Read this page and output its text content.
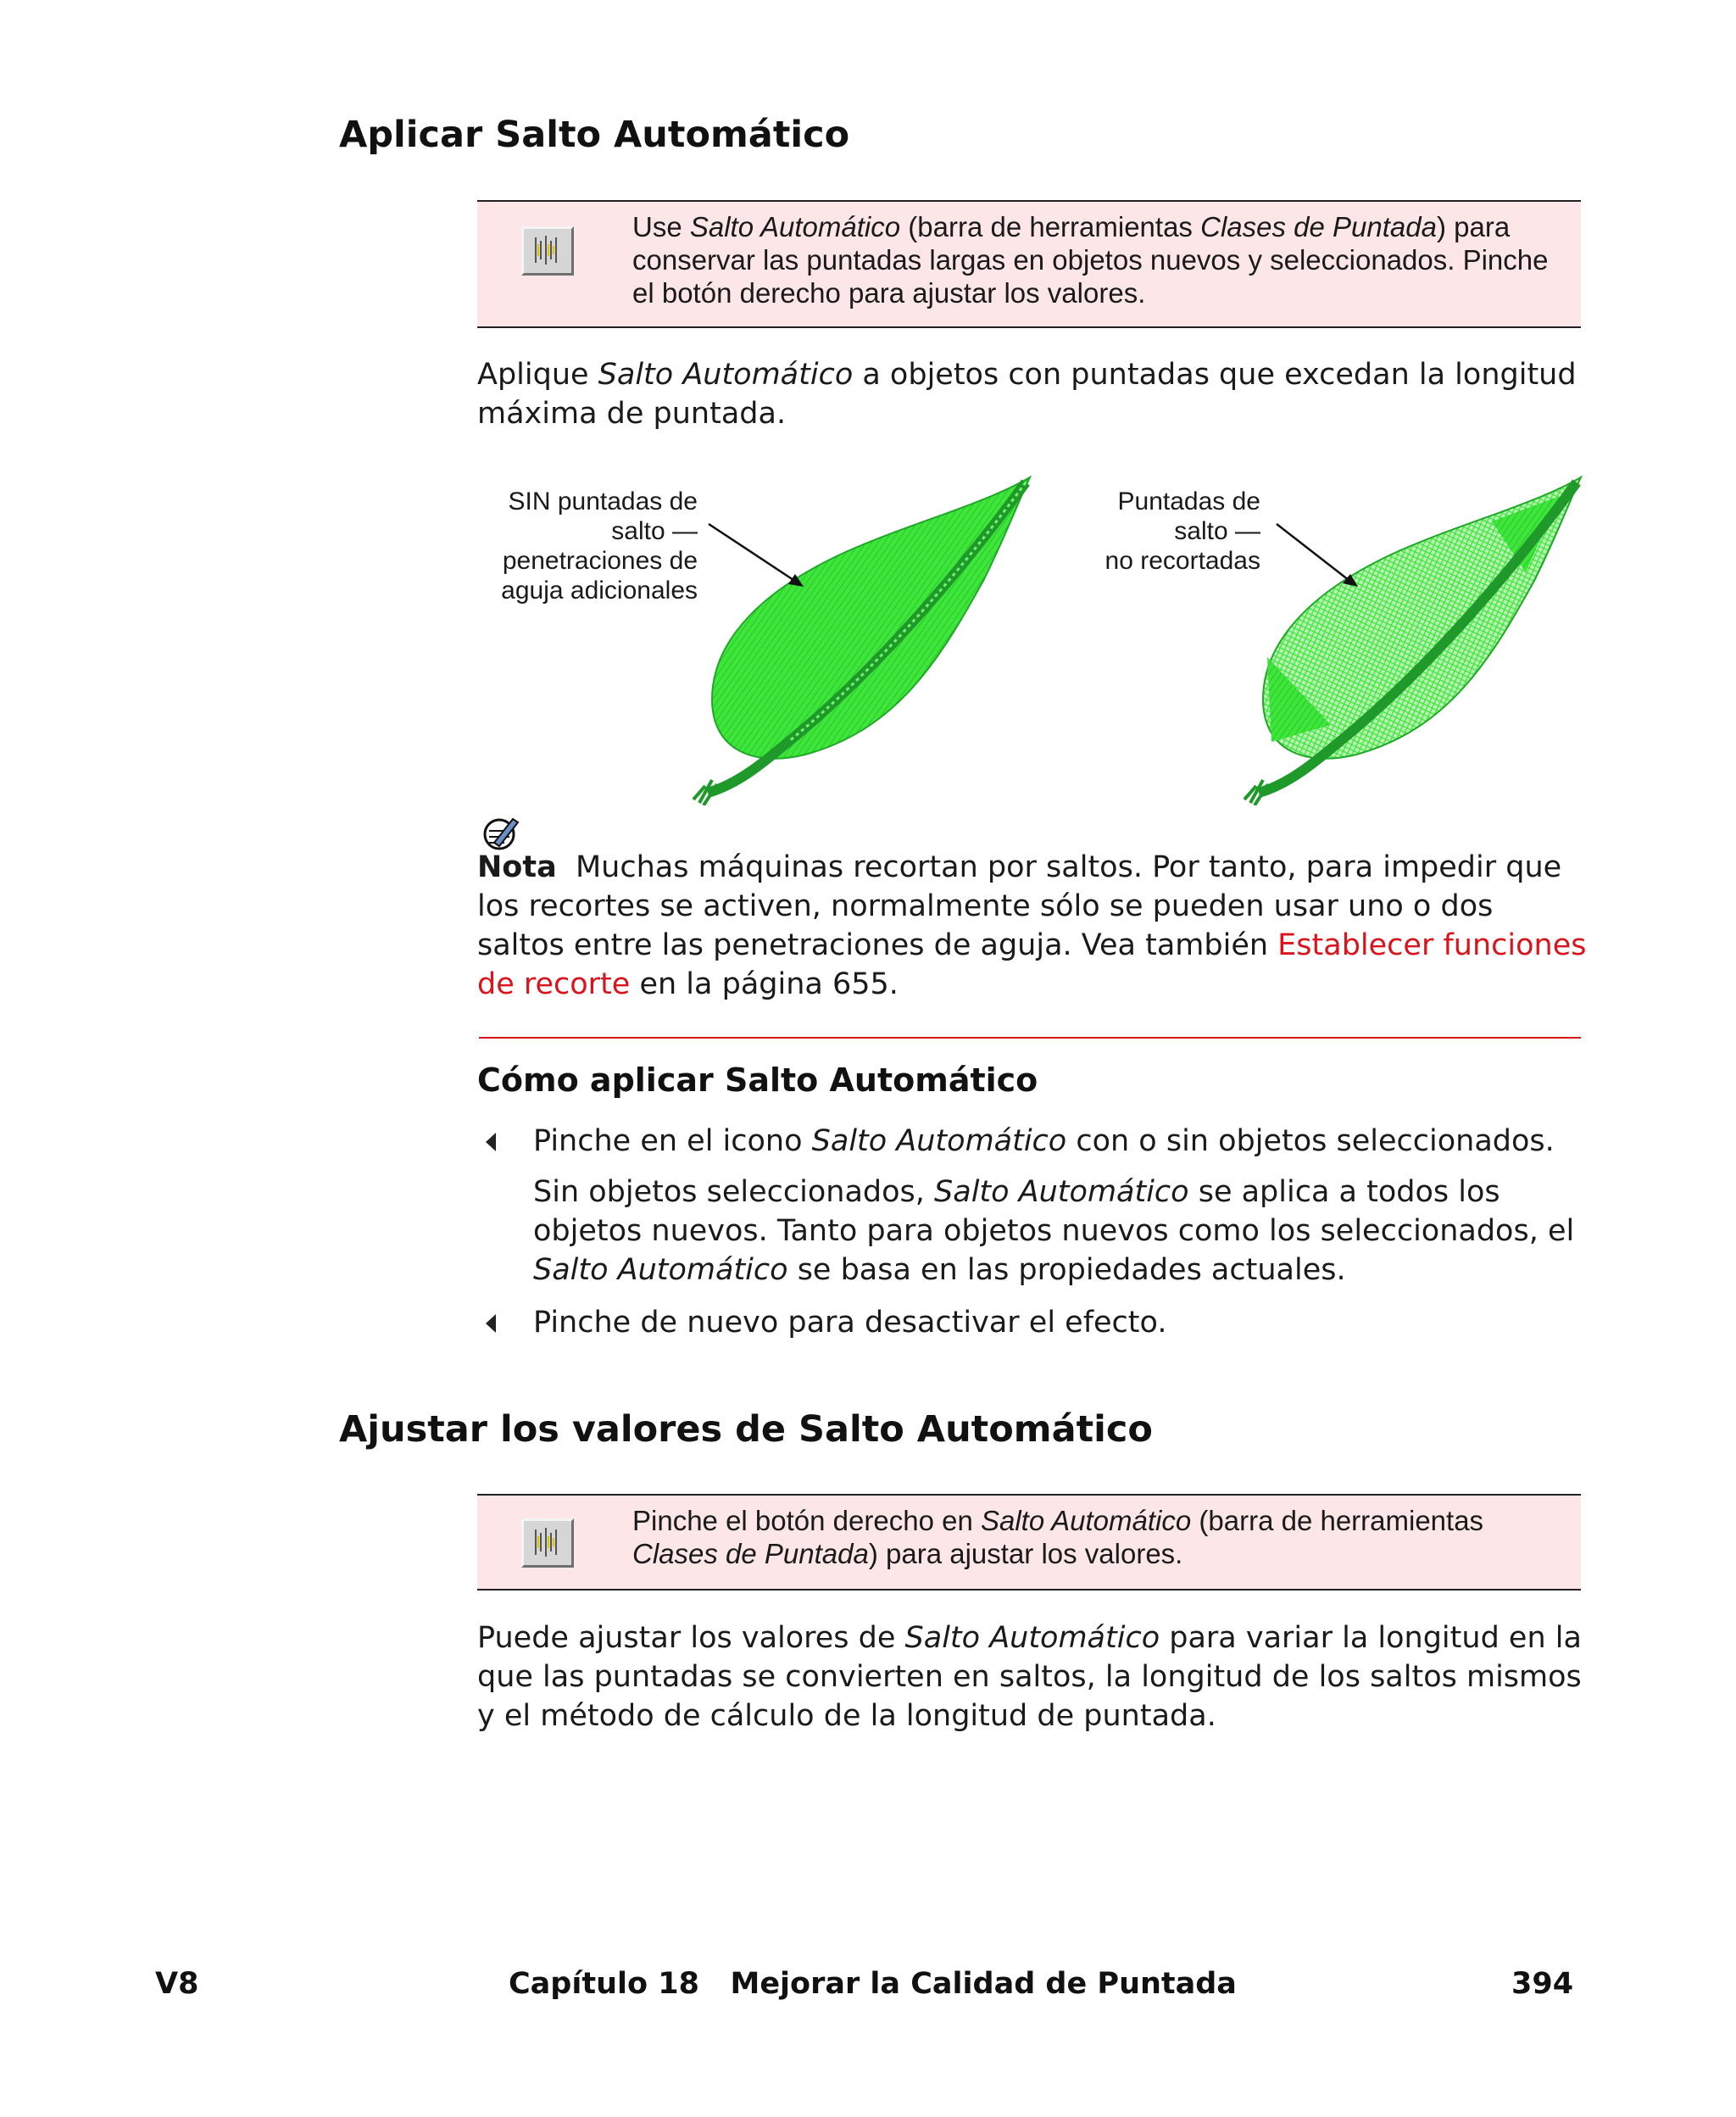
Aplicar Salto Automático
Use Salto Automático (barra de herramientas Clases de Puntada) para conservar las puntadas largas en objetos nuevos y seleccionados. Pinche el botón derecho para ajustar los valores.
Aplique Salto Automático a objetos con puntadas que excedan la longitud máxima de puntada.
SIN puntadas de
salto —
penetraciones de
aguja adicionales
Puntadas de
salto —
no recortadas
Nota Muchas máquinas recortan por saltos. Por tanto, para impedir que los recortes se activen, normalmente sólo se pueden usar uno o dos saltos entre las penetraciones de aguja. Vea también Establecer funciones de recorte en la página 655.
Cómo aplicar Salto Automático
Pinche en el icono Salto Automático con o sin objetos seleccionados.
Sin objetos seleccionados, Salto Automático se aplica a todos los objetos nuevos. Tanto para objetos nuevos como los seleccionados, el Salto Automático se basa en las propiedades actuales.
Pinche de nuevo para desactivar el efecto.
Ajustar los valores de Salto Automático
Pinche el botón derecho en Salto Automático (barra de herramientas Clases de Puntada) para ajustar los valores.
Puede ajustar los valores de Salto Automático para variar la longitud en la que las puntadas se convierten en saltos, la longitud de los saltos mismos y el método de cálculo de la longitud de puntada.
V8	Capítulo 18   Mejorar la Calidad de Puntada	394
